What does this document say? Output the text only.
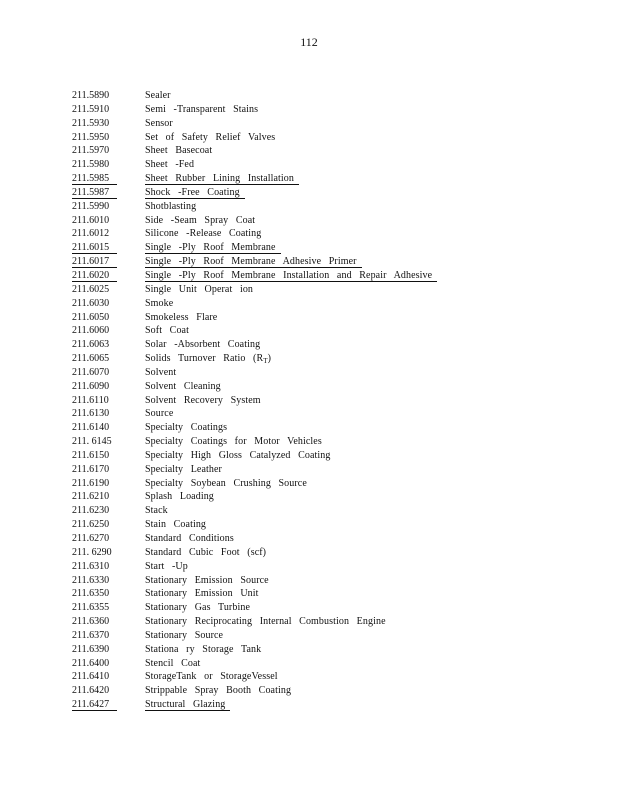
112
211.5890	Sealer
211.5910	Semi -Transparent Stains
211.5930	Sensor
211.5950	Set of Safety Relief Valves
211.5970	Sheet Basecoat
211.5980	Sheet -Fed
211.5985	Sheet Rubber Lining Installation
211.5987	Shock -Free Coating
211.5990	Shotblasting
211.6010	Side -Seam Spray Coat
211.6012	Silicone -Release Coating
211.6015	Single -Ply Roof Membrane
211.6017	Single -Ply Roof Membrane Adhesive Primer
211.6020	Single -Ply Roof Membrane Installation and Repair Adhesive
211.6025	Single Unit Operat ion
211.6030	Smoke
211.6050	Smokeless Flare
211.6060	Soft Coat
211.6063	Solar -Absorbent Coating
211.6065	Solids Turnover Ratio $(R_T)$
211.6070	Solvent
211.6090	Solvent Cleaning
211.6110	Solvent Recovery System
211.6130	Source
211.6140	Specialty Coatings
211. 6145	Specialty Coatings for Motor Vehicles
211.6150	Specialty High Gloss Catalyzed Coating
211.6170	Specialty Leather
211.6190	Specialty Soybean Crushing Source
211.6210	Splash Loading
211.6230	Stack
211.6250	Stain Coating
211.6270	Standard Conditions
211. 6290	Standard Cubic Foot (scf)
211.6310	Start -Up
211.6330	Stationary Emission Source
211.6350	Stationary Emission Unit
211.6355	Stationary Gas Turbine
211.6360	Stationary Reciprocating Internal Combustion Engine
211.6370	Stationary Source
211.6390	Stationa ry Storage Tank
211.6400	Stencil Coat
211.6410	StorageTank or StorageVessel
211.6420	Strippable Spray Booth Coating
211.6427	Structural Glazing
